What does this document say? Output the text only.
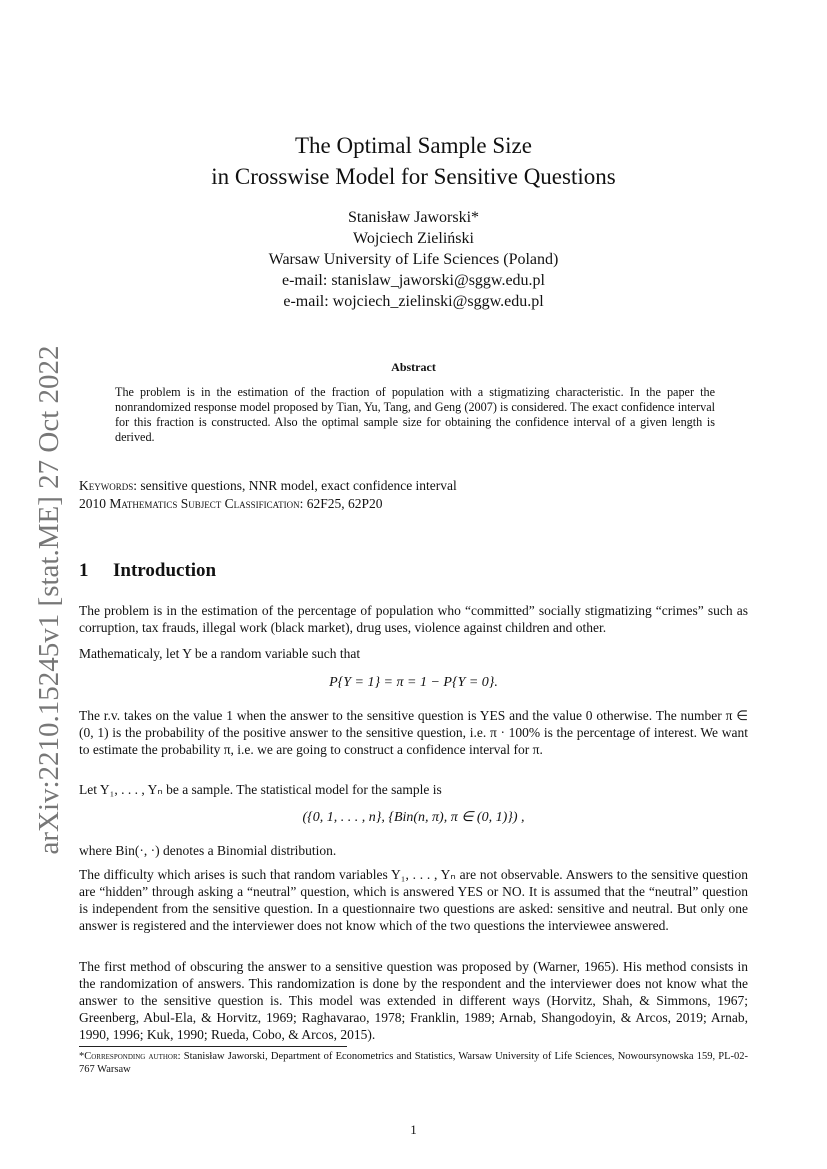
arXiv:2210.15245v1 [stat.ME] 27 Oct 2022
The Optimal Sample Size
in Crosswise Model for Sensitive Questions
Stanisław Jaworski*
Wojciech Zieliński
Warsaw University of Life Sciences (Poland)
e-mail: stanislaw_jaworski@sggw.edu.pl
e-mail: wojciech_zielinski@sggw.edu.pl
Abstract
The problem is in the estimation of the fraction of population with a stigmatizing characteristic. In the paper the nonrandomized response model proposed by Tian, Yu, Tang, and Geng (2007) is considered. The exact confidence interval for this fraction is constructed. Also the optimal sample size for obtaining the confidence interval of a given length is derived.
Keywords: sensitive questions, NNR model, exact confidence interval
2010 Mathematics Subject Classification: 62F25, 62P20
1 Introduction
The problem is in the estimation of the percentage of population who “committed” socially stigmatizing “crimes” such as corruption, tax frauds, illegal work (black market), drug uses, violence against children and other.
Mathematicaly, let Y be a random variable such that
P{Y = 1} = π = 1 − P{Y = 0}.
The r.v. takes on the value 1 when the answer to the sensitive question is YES and the value 0 otherwise. The number π ∈ (0, 1) is the probability of the positive answer to the sensitive question, i.e. π · 100% is the percentage of interest. We want to estimate the probability π, i.e. we are going to construct a confidence interval for π.
Let Y₁, . . . , Yₙ be a sample. The statistical model for the sample is
({0, 1, . . . , n}, {Bin(n, π), π ∈ (0, 1)}) ,
where Bin(·, ·) denotes a Binomial distribution.
The difficulty which arises is such that random variables Y₁, . . . , Yₙ are not observable. Answers to the sensitive question are “hidden” through asking a “neutral” question, which is answered YES or NO. It is assumed that the “neutral” question is independent from the sensitive question. In a questionnaire two questions are asked: sensitive and neutral. But only one answer is registered and the interviewer does not know which of the two questions the interviewee answered.
The first method of obscuring the answer to a sensitive question was proposed by (Warner, 1965). His method consists in the randomization of answers. This randomization is done by the respondent and the interviewer does not know what the answer to the sensitive question is. This model was extended in different ways (Horvitz, Shah, & Simmons, 1967; Greenberg, Abul-Ela, & Horvitz, 1969; Raghavarao, 1978; Franklin, 1989; Arnab, Shangodoyin, & Arcos, 2019; Arnab, 1990, 1996; Kuk, 1990; Rueda, Cobo, & Arcos, 2015).
*Corresponding author: Stanisław Jaworski, Department of Econometrics and Statistics, Warsaw University of Life Sciences, Nowoursynowska 159, PL-02-767 Warsaw
1
